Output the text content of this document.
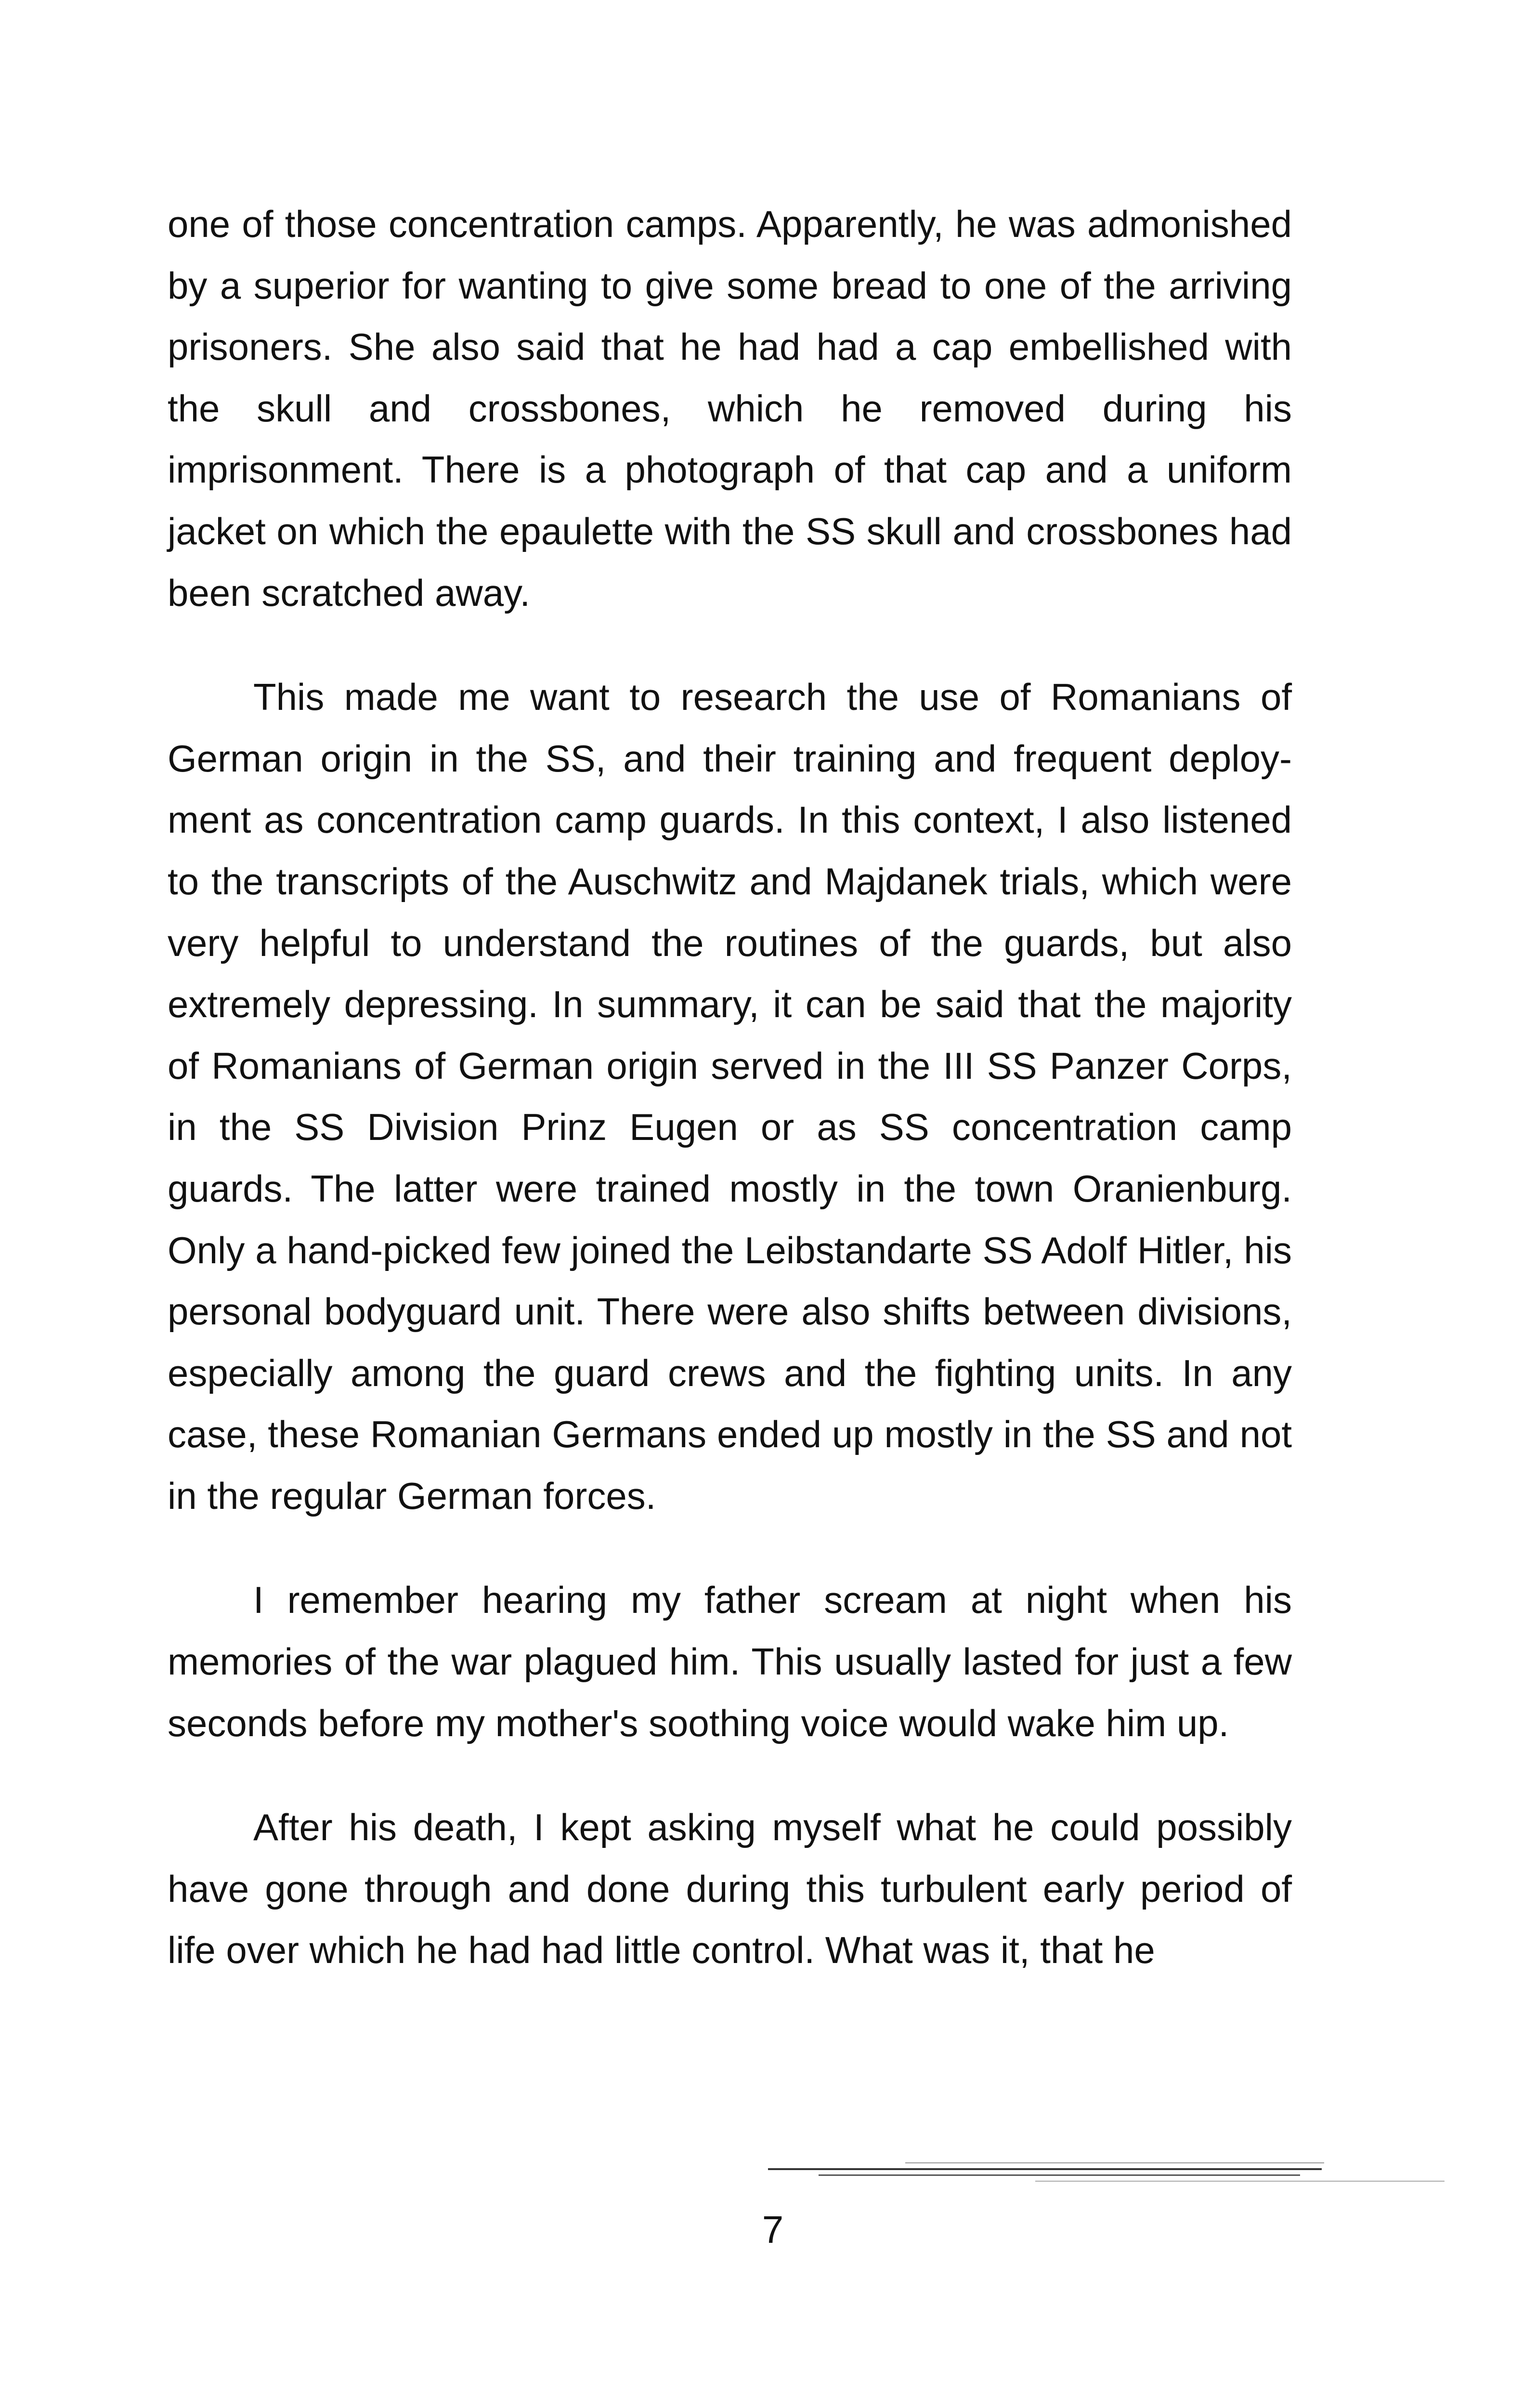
one of those concentration camps. Apparently, he was admonished by a superior for wanting to give some bread to one of the arriving prisoners. She also said that he had had a cap embellished with the skull and crossbones, which he removed during his imprisonment. There is a photograph of that cap and a uniform jacket on which the epaulette with the SS skull and crossbones had been scratched away.

This made me want to research the use of Romanians of German origin in the SS, and their training and frequent deployment as concentration camp guards. In this context, I also listened to the transcripts of the Auschwitz and Majdanek trials, which were very helpful to understand the routines of the guards, but also extremely depressing. In summary, it can be said that the majority of Romanians of German origin served in the III SS Panzer Corps, in the SS Division Prinz Eugen or as SS concentration camp guards. The latter were trained mostly in the town Oranienburg. Only a hand-picked few joined the Leibstandarte SS Adolf Hitler, his personal bodyguard unit. There were also shifts between divisions, especially among the guard crews and the fighting units. In any case, these Romanian Germans ended up mostly in the SS and not in the regular German forces.

I remember hearing my father scream at night when his memories of the war plagued him. This usually lasted for just a few seconds before my mother's soothing voice would wake him up.

After his death, I kept asking myself what he could possibly have gone through and done during this turbulent early period of life over which he had had little control. What was it, that he

7
